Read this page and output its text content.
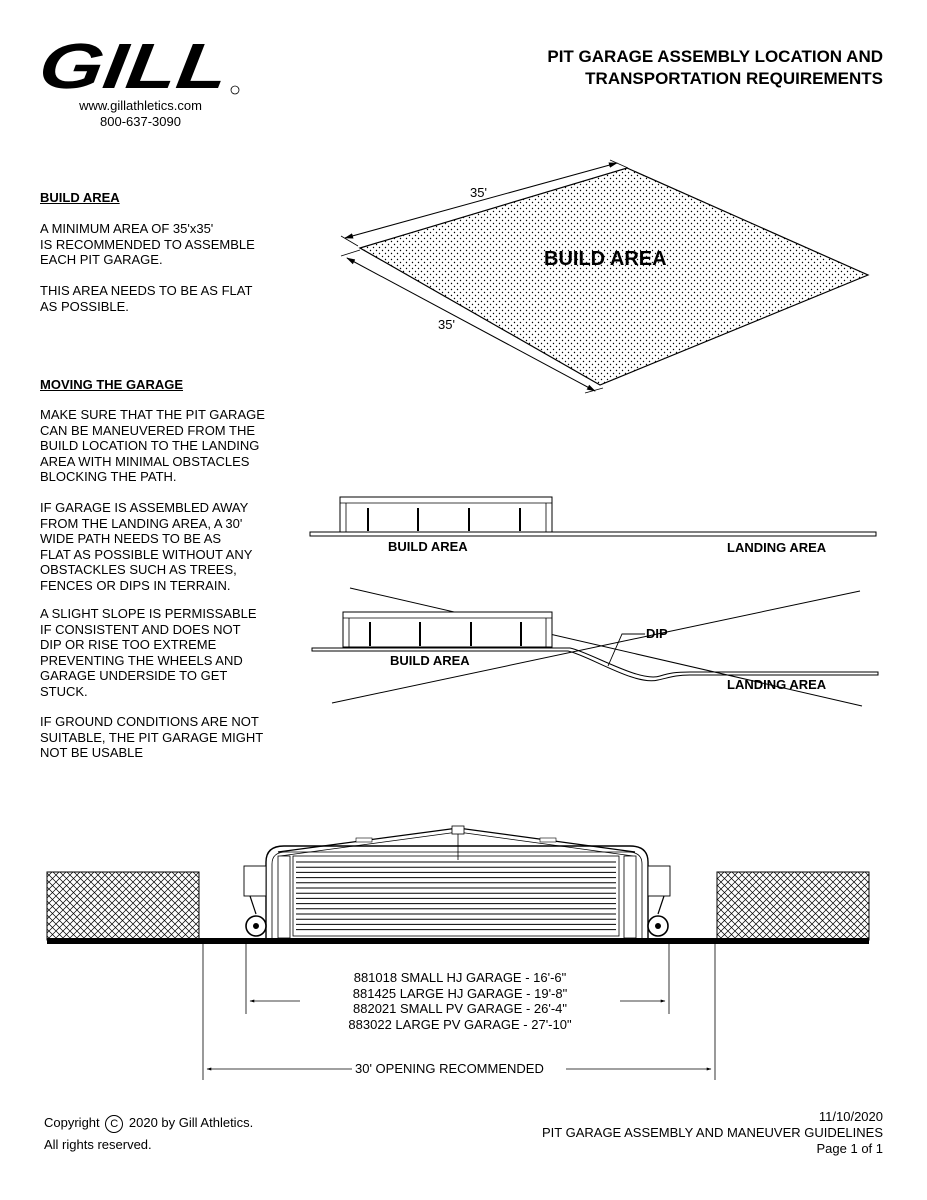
GILL
www.gillathletics.com
800-637-3090
PIT GARAGE ASSEMBLY LOCATION AND
TRANSPORTATION REQUIREMENTS
BUILD AREA
A MINIMUM AREA OF 35'x35'
IS RECOMMENDED TO ASSEMBLE
EACH PIT GARAGE.
THIS AREA NEEDS TO BE AS FLAT
AS POSSIBLE.
MOVING THE GARAGE
MAKE SURE THAT THE PIT GARAGE
CAN BE MANEUVERED FROM THE
BUILD LOCATION TO THE LANDING
AREA WITH MINIMAL OBSTACLES
BLOCKING THE PATH.
IF GARAGE IS ASSEMBLED AWAY
FROM THE LANDING AREA, A 30'
WIDE PATH NEEDS TO BE AS
FLAT AS POSSIBLE WITHOUT ANY
OBSTACKLES SUCH AS TREES,
FENCES OR DIPS IN TERRAIN.
A SLIGHT SLOPE IS PERMISSABLE
IF CONSISTENT AND DOES NOT
DIP OR RISE TOO EXTREME
PREVENTING THE WHEELS AND
GARAGE UNDERSIDE TO GET
STUCK.
IF GROUND CONDITIONS ARE NOT
SUITABLE, THE PIT GARAGE MIGHT
NOT BE USABLE
35'
35'
BUILD AREA
BUILD AREA	LANDING AREA
BUILD AREA
LANDING AREA
DIP
881018 SMALL HJ GARAGE - 16'-6"
881425 LARGE HJ GARAGE - 19'-8"
882021 SMALL PV GARAGE - 26'-4"
883022 LARGE PV GARAGE - 27'-10"
30' OPENING RECOMMENDED
Copyright C 2020 by Gill Athletics.
All rights reserved.
11/10/2020
PIT GARAGE ASSEMBLY AND MANEUVER GUIDELINES
Page 1 of 1
